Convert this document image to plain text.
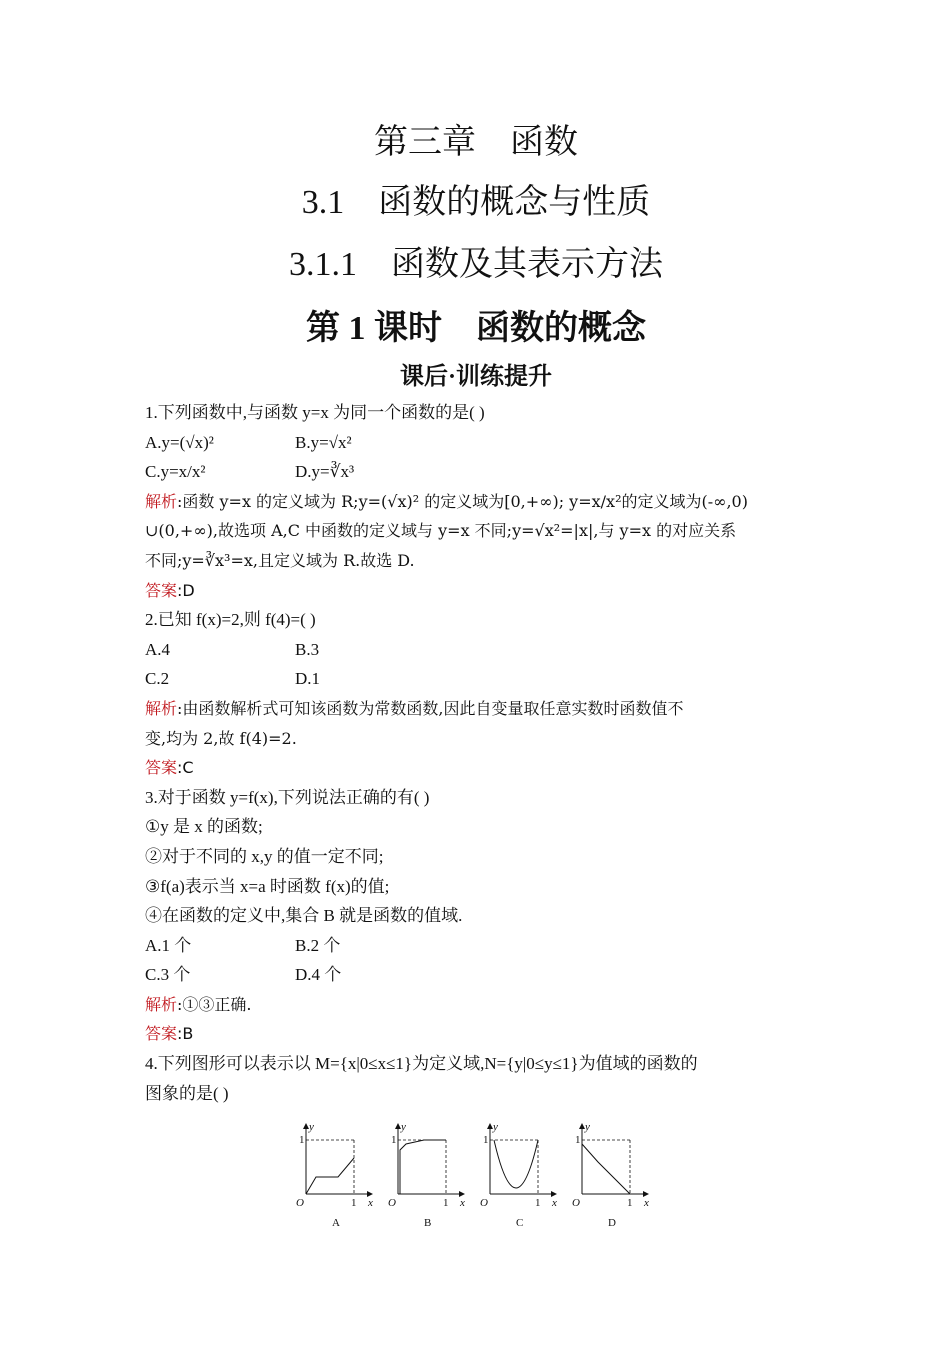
第三章    函数
3.1    函数的概念与性质
3.1.1    函数及其表示方法
第 1 课时    函数的概念
课后·训练提升
1.下列函数中,与函数 y=x 为同一个函数的是( )
A.y=(√x)²	B.y=√x²
C.y=x/x²	D.y=∛x³
解析:函数 y=x 的定义域为 R;y=(√x)² 的定义域为[0,+∞); y=x/x²的定义域为(-∞,0)
∪(0,+∞),故选项 A,C 中函数的定义域与 y=x 不同;y=√x²=|x|,与 y=x 的对应关系
不同;y=∛x³=x,且定义域为 R.故选 D.
答案:D
2.已知 f(x)=2,则 f(4)=( )
A.4	B.3
C.2	D.1
解析:由函数解析式可知该函数为常数函数,因此自变量取任意实数时函数值不
变,均为 2,故 f(4)=2.
答案:C
3.对于函数 y=f(x),下列说法正确的有( )
①y 是 x 的函数;
②对于不同的 x,y 的值一定不同;
③f(a)表示当 x=a 时函数 f(x)的值;
④在函数的定义中,集合 B 就是函数的值域.
A.1 个	B.2 个
C.3 个	D.4 个
解析:①③正确.
答案:B
4.下列图形可以表示以 M={x|0≤x≤1}为定义域,N={y|0≤y≤1}为值域的函数的
图象的是( )
y
1
O	1 x
A
y
1
O	1 x
B
y
1
O	1 x
C
y
1
O	1 x
D
